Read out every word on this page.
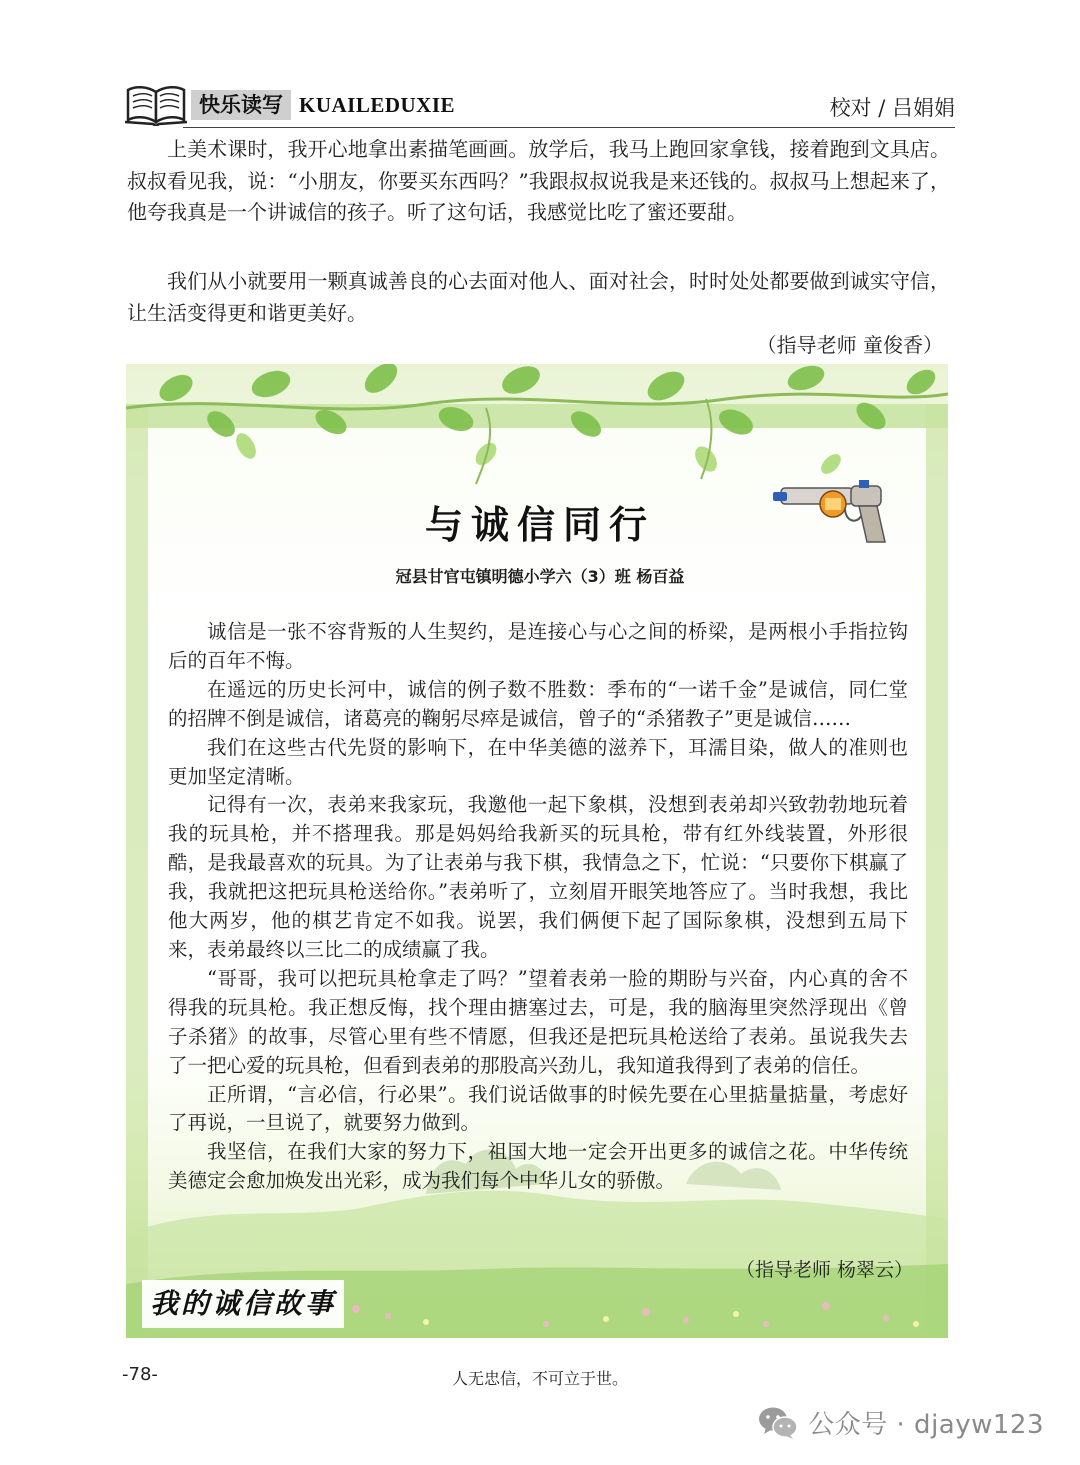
快乐读写 KUAILEDUXIE	校对 / 吕娟娟

上美术课时，我开心地拿出素描笔画画。放学后，我马上跑回家拿钱，接着跑到文具店。叔叔看见我，说：“小朋友，你要买东西吗？”我跟叔叔说我是来还钱的。叔叔马上想起来了，他夸我真是一个讲诚信的孩子。听了这句话，我感觉比吃了蜜还要甜。

我们从小就要用一颗真诚善良的心去面对他人、面对社会，时时处处都要做到诚实守信，让生活变得更和谐更美好。

（指导老师 童俊香）
与诚信同行
冠县甘官屯镇明德小学六（3）班 杨百益

诚信是一张不容背叛的人生契约，是连接心与心之间的桥梁，是两根小手指拉钩后的百年不悔。

在遥远的历史长河中，诚信的例子数不胜数：季布的“一诺千金”是诚信，同仁堂的招牌不倒是诚信，诸葛亮的鞠躬尽瘁是诚信，曾子的“杀猪教子”更是诚信……

我们在这些古代先贤的影响下，在中华美德的滋养下，耳濡目染，做人的准则也更加坚定清晰。

记得有一次，表弟来我家玩，我邀他一起下象棋，没想到表弟却兴致勃勃地玩着我的玩具枪，并不搭理我。那是妈妈给我新买的玩具枪，带有红外线装置，外形很酷，是我最喜欢的玩具。为了让表弟与我下棋，我情急之下，忙说：“只要你下棋赢了我，我就把这把玩具枪送给你。”表弟听了，立刻眉开眼笑地答应了。当时我想，我比他大两岁，他的棋艺肯定不如我。说罢，我们俩便下起了国际象棋，没想到五局下来，表弟最终以三比二的成绩赢了我。

“哥哥，我可以把玩具枪拿走了吗？”望着表弟一脸的期盼与兴奋，内心真的舍不得我的玩具枪。我正想反悔，找个理由搪塞过去，可是，我的脑海里突然浮现出《曾子杀猪》的故事，尽管心里有些不情愿，但我还是把玩具枪送给了表弟。虽说我失去了一把心爱的玩具枪，但看到表弟的那股高兴劲儿，我知道我得到了表弟的信任。

正所谓，“言必信，行必果”。我们说话做事的时候先要在心里掂量掂量，考虑好了再说，一旦说了，就要努力做到。

我坚信，在我们大家的努力下，祖国大地一定会开出更多的诚信之花。中华传统美德定会愈加焕发出光彩，成为我们每个中华儿女的骄傲。

（指导老师 杨翠云）
我的诚信故事
-78-	人无忠信，不可立于世。
公众号 · djayw123
